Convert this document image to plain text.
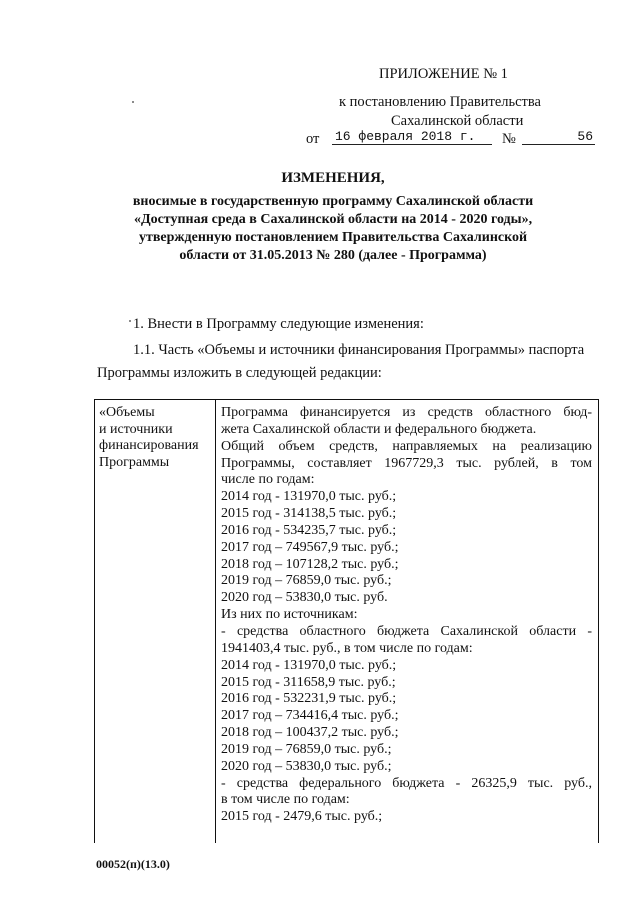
ПРИЛОЖЕНИЕ № 1
к постановлению Правительства
Сахалинской области
от 16 февраля 2018 г.	№	56
ИЗМЕНЕНИЯ,
вносимые в государственную программу Сахалинской области
«Доступная среда в Сахалинской области на 2014 - 2020 годы»,
утвержденную постановлением Правительства Сахалинской
области от 31.05.2013 № 280 (далее - Программа)
1. Внести в Программу следующие изменения:
1.1. Часть «Объемы и источники финансирования Программы» паспорта
Программы изложить в следующей редакции:
«Объемы
и источники
финансирования
Программы
Программа финансируется из средств областного бюд-
жета Сахалинской области и федерального бюджета.
Общий объем средств, направляемых на реализацию
Программы, составляет 1967729,3 тыс. рублей, в том
числе по годам:
2014 год - 131970,0 тыс. руб.;
2015 год - 314138,5 тыс. руб.;
2016 год - 534235,7 тыс. руб.;
2017 год – 749567,9 тыс. руб.;
2018 год – 107128,2 тыс. руб.;
2019 год – 76859,0 тыс. руб.;
2020 год – 53830,0 тыс. руб.
Из них по источникам:
- средства областного бюджета Сахалинской области -
1941403,4 тыс. руб., в том числе по годам:
2014 год - 131970,0 тыс. руб.;
2015 год - 311658,9 тыс. руб.;
2016 год - 532231,9 тыс. руб.;
2017 год – 734416,4 тыс. руб.;
2018 год – 100437,2 тыс. руб.;
2019 год – 76859,0 тыс. руб.;
2020 год – 53830,0 тыс. руб.;
- средства федерального бюджета - 26325,9 тыс. руб.,
в том числе по годам:
2015 год - 2479,6 тыс. руб.;
00052(п)(13.0)
